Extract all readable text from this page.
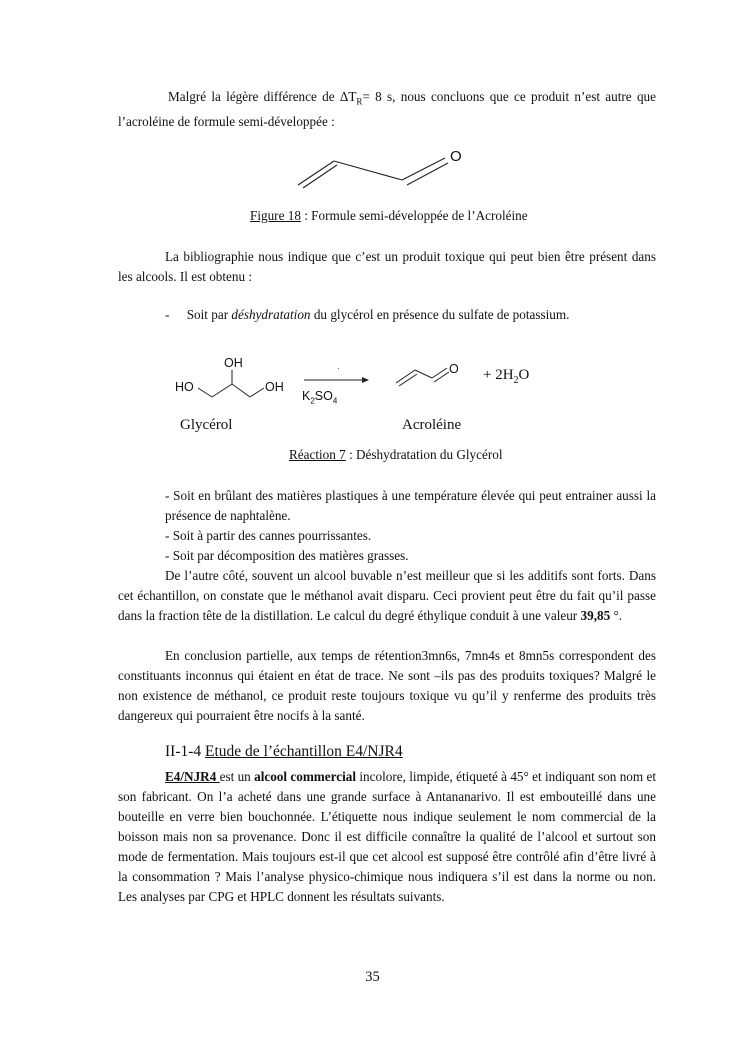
Malgré la légère différence de $\Delta T_R= 8$ s, nous concluons que ce produit n’est autre que l’acroléine de formule semi-développée :

O
Figure 18 : Formule semi-développée de l’Acroléine

La bibliographie nous indique que c’est un produit toxique qui peut bien être présent dans les alcools. Il est obtenu :

- Soit par déshydratation du glycérol en présence du sulfate de potassium.
OH
HO	OH
·
$K_2SO_4$
$O + 2H_2O$
Glycérol	Acroléine
Réaction 7 : Déshydratation du Glycérol

- Soit en brûlant des matières plastiques à une température élevée qui peut entrainer aussi la présence de naphtalène.

- Soit à partir des cannes pourrissantes.

- Soit par décomposition des matières grasses.

De l’autre côté, souvent un alcool buvable n’est meilleur que si les additifs sont forts. Dans cet échantillon, on constate que le méthanol avait disparu. Ceci provient peut être du fait qu’il passe dans la fraction tête de la distillation. Le calcul du degré éthylique conduit à une valeur 39,85 °.

En conclusion partielle, aux temps de rétention3mn6s, 7mn4s et 8mn5s correspondent des constituants inconnus qui étaient en état de trace. Ne sont –ils pas des produits toxiques? Malgré le non existence de méthanol, ce produit reste toujours toxique vu qu’il y renferme des produits très dangereux qui pourraient être nocifs à la santé.

II-1-4 Etude de l’échantillon E4/NJR4

E4/NJR4 est un alcool commercial incolore, limpide, étiqueté à 45° et indiquant son nom et son fabricant. On l’a acheté dans une grande surface à Antananarivo. Il est embouteillé dans une bouteille en verre bien bouchonnée. L’étiquette nous indique seulement le nom commercial de la boisson mais non sa provenance. Donc il est difficile connaître la qualité de l’alcool et surtout son mode de fermentation. Mais toujours est-il que cet alcool est supposé être contrôlé afin d’être livré à la consommation ? Mais l’analyse physico-chimique nous indiquera s’il est dans la norme ou non. Les analyses par CPG et HPLC donnent les résultats suivants.

35
